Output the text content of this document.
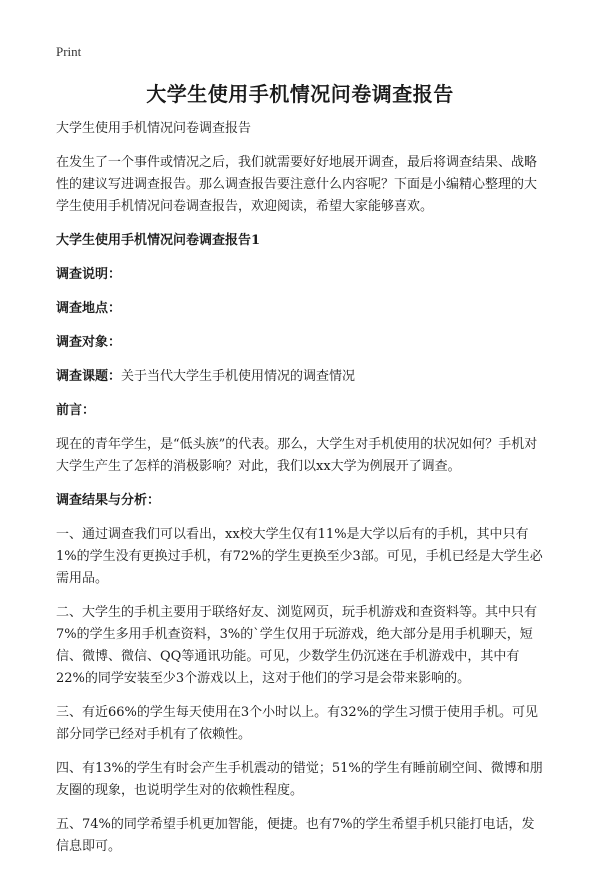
Print
大学生使用手机情况问卷调查报告

大学生使用手机情况问卷调查报告

在发生了一个事件或情况之后，我们就需要好好地展开调查，最后将调查结果、战略性的建议写进调查报告。那么调查报告要注意什么内容呢？下面是小编精心整理的大学生使用手机情况问卷调查报告，欢迎阅读，希望大家能够喜欢。

大学生使用手机情况问卷调查报告1

调查说明：

调查地点：

调查对象：

调查课题：关于当代大学生手机使用情况的调查情况

前言：

现在的青年学生，是“低头族”的代表。那么，大学生对手机使用的状况如何？手机对大学生产生了怎样的消极影响？对此，我们以xx大学为例展开了调查。

调查结果与分析：

一、通过调查我们可以看出，xx校大学生仅有11%是大学以后有的手机，其中只有1%的学生没有更换过手机，有72%的学生更换至少3部。可见，手机已经是大学生必需用品。

二、大学生的手机主要用于联络好友、浏览网页，玩手机游戏和查资料等。其中只有7%的学生多用手机查资料，3%的`学生仅用于玩游戏，绝大部分是用手机聊天，短信、微博、微信、QQ等通讯功能。可见，少数学生仍沉迷在手机游戏中，其中有22%的同学安装至少3个游戏以上，这对于他们的学习是会带来影响的。

三、有近66%的学生每天使用在3个小时以上。有32%的学生习惯于使用手机。可见部分同学已经对手机有了依赖性。

四、有13%的学生有时会产生手机震动的错觉；51%的学生有睡前刷空间、微博和朋友圈的现象，也说明学生对的依赖性程度。

五、74%的同学希望手机更加智能，便捷。也有7%的学生希望手机只能打电话，发信息即可。
